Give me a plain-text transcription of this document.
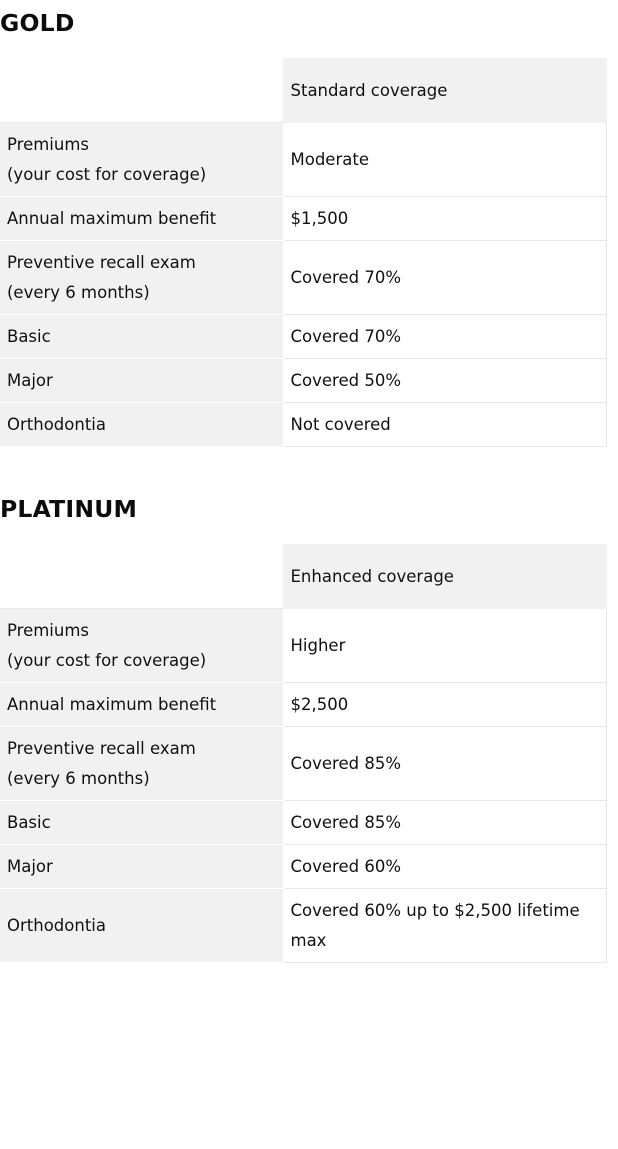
GOLD
	Standard coverage

Premiums
(your cost for coverage)	Moderate

Annual maximum benefit	$1,500

Preventive recall exam
(every 6 months)	Covered 70%

Basic	Covered 70%

Major	Covered 50%

Orthodontia	Not covered
PLATINUM
	Enhanced coverage

Premiums
(your cost for coverage)	Higher

Annual maximum benefit	$2,500

Preventive recall exam
(every 6 months)	Covered 85%

Basic	Covered 85%

Major	Covered 60%

Orthodontia	Covered 60% up to $2,500 lifetime
max
